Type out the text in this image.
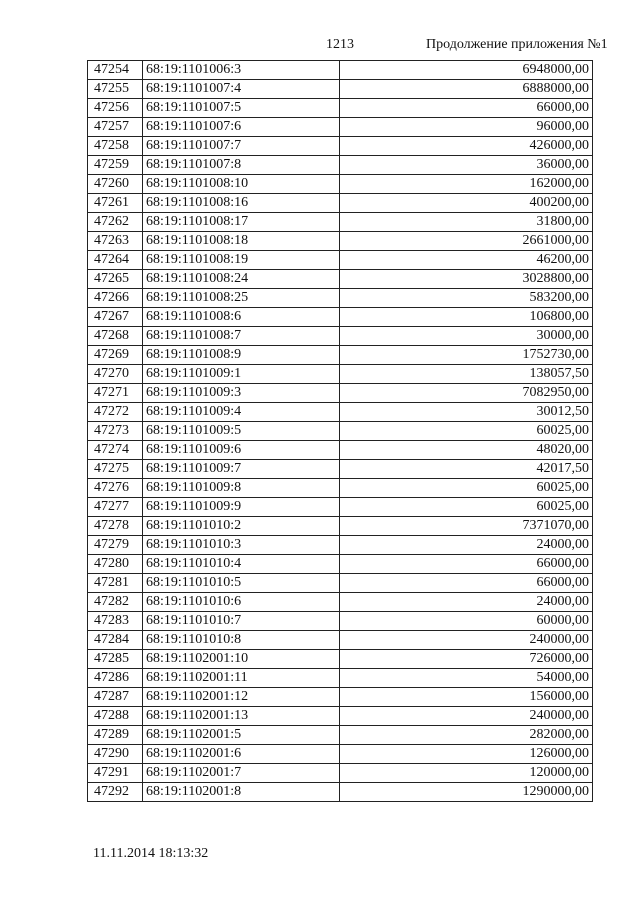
1213	Продолжение приложения №1
47254	68:19:1101006:3	6948000,00
47255	68:19:1101007:4	6888000,00
47256	68:19:1101007:5	66000,00
47257	68:19:1101007:6	96000,00
47258	68:19:1101007:7	426000,00
47259	68:19:1101007:8	36000,00
47260	68:19:1101008:10	162000,00
47261	68:19:1101008:16	400200,00
47262	68:19:1101008:17	31800,00
47263	68:19:1101008:18	2661000,00
47264	68:19:1101008:19	46200,00
47265	68:19:1101008:24	3028800,00
47266	68:19:1101008:25	583200,00
47267	68:19:1101008:6	106800,00
47268	68:19:1101008:7	30000,00
47269	68:19:1101008:9	1752730,00
47270	68:19:1101009:1	138057,50
47271	68:19:1101009:3	7082950,00
47272	68:19:1101009:4	30012,50
47273	68:19:1101009:5	60025,00
47274	68:19:1101009:6	48020,00
47275	68:19:1101009:7	42017,50
47276	68:19:1101009:8	60025,00
47277	68:19:1101009:9	60025,00
47278	68:19:1101010:2	7371070,00
47279	68:19:1101010:3	24000,00
47280	68:19:1101010:4	66000,00
47281	68:19:1101010:5	66000,00
47282	68:19:1101010:6	24000,00
47283	68:19:1101010:7	60000,00
47284	68:19:1101010:8	240000,00
47285	68:19:1102001:10	726000,00
47286	68:19:1102001:11	54000,00
47287	68:19:1102001:12	156000,00
47288	68:19:1102001:13	240000,00
47289	68:19:1102001:5	282000,00
47290	68:19:1102001:6	126000,00
47291	68:19:1102001:7	120000,00
47292	68:19:1102001:8	1290000,00
11.11.2014 18:13:32
